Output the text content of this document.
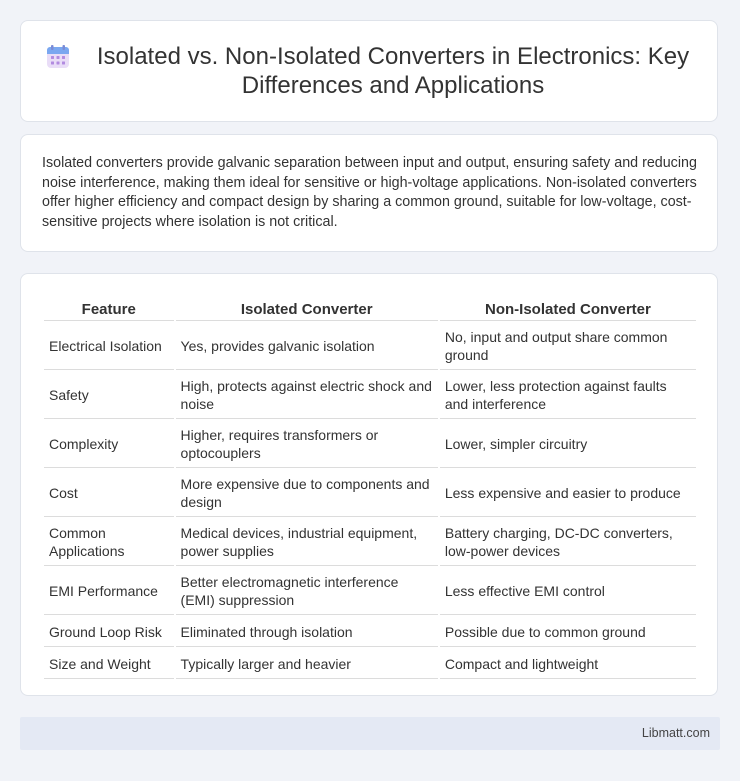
Isolated vs. Non-Isolated Converters in Electronics: Key Differences and Applications

Isolated converters provide galvanic separation between input and output, ensuring safety and reducing noise interference, making them ideal for sensitive or high-voltage applications. Non-isolated converters offer higher efficiency and compact design by sharing a common ground, suitable for low-voltage, cost-sensitive projects where isolation is not critical.

Feature	Isolated Converter	Non-Isolated Converter
Electrical Isolation	Yes, provides galvanic isolation	No, input and output share common ground
Safety	High, protects against electric shock and noise	Lower, less protection against faults and interference
Complexity	Higher, requires transformers or optocouplers	Lower, simpler circuitry
Cost	More expensive due to components and design	Less expensive and easier to produce
Common Applications	Medical devices, industrial equipment, power supplies	Battery charging, DC-DC converters, low-power devices
EMI Performance	Better electromagnetic interference (EMI) suppression	Less effective EMI control
Ground Loop Risk	Eliminated through isolation	Possible due to common ground
Size and Weight	Typically larger and heavier	Compact and lightweight
Libmatt.com
